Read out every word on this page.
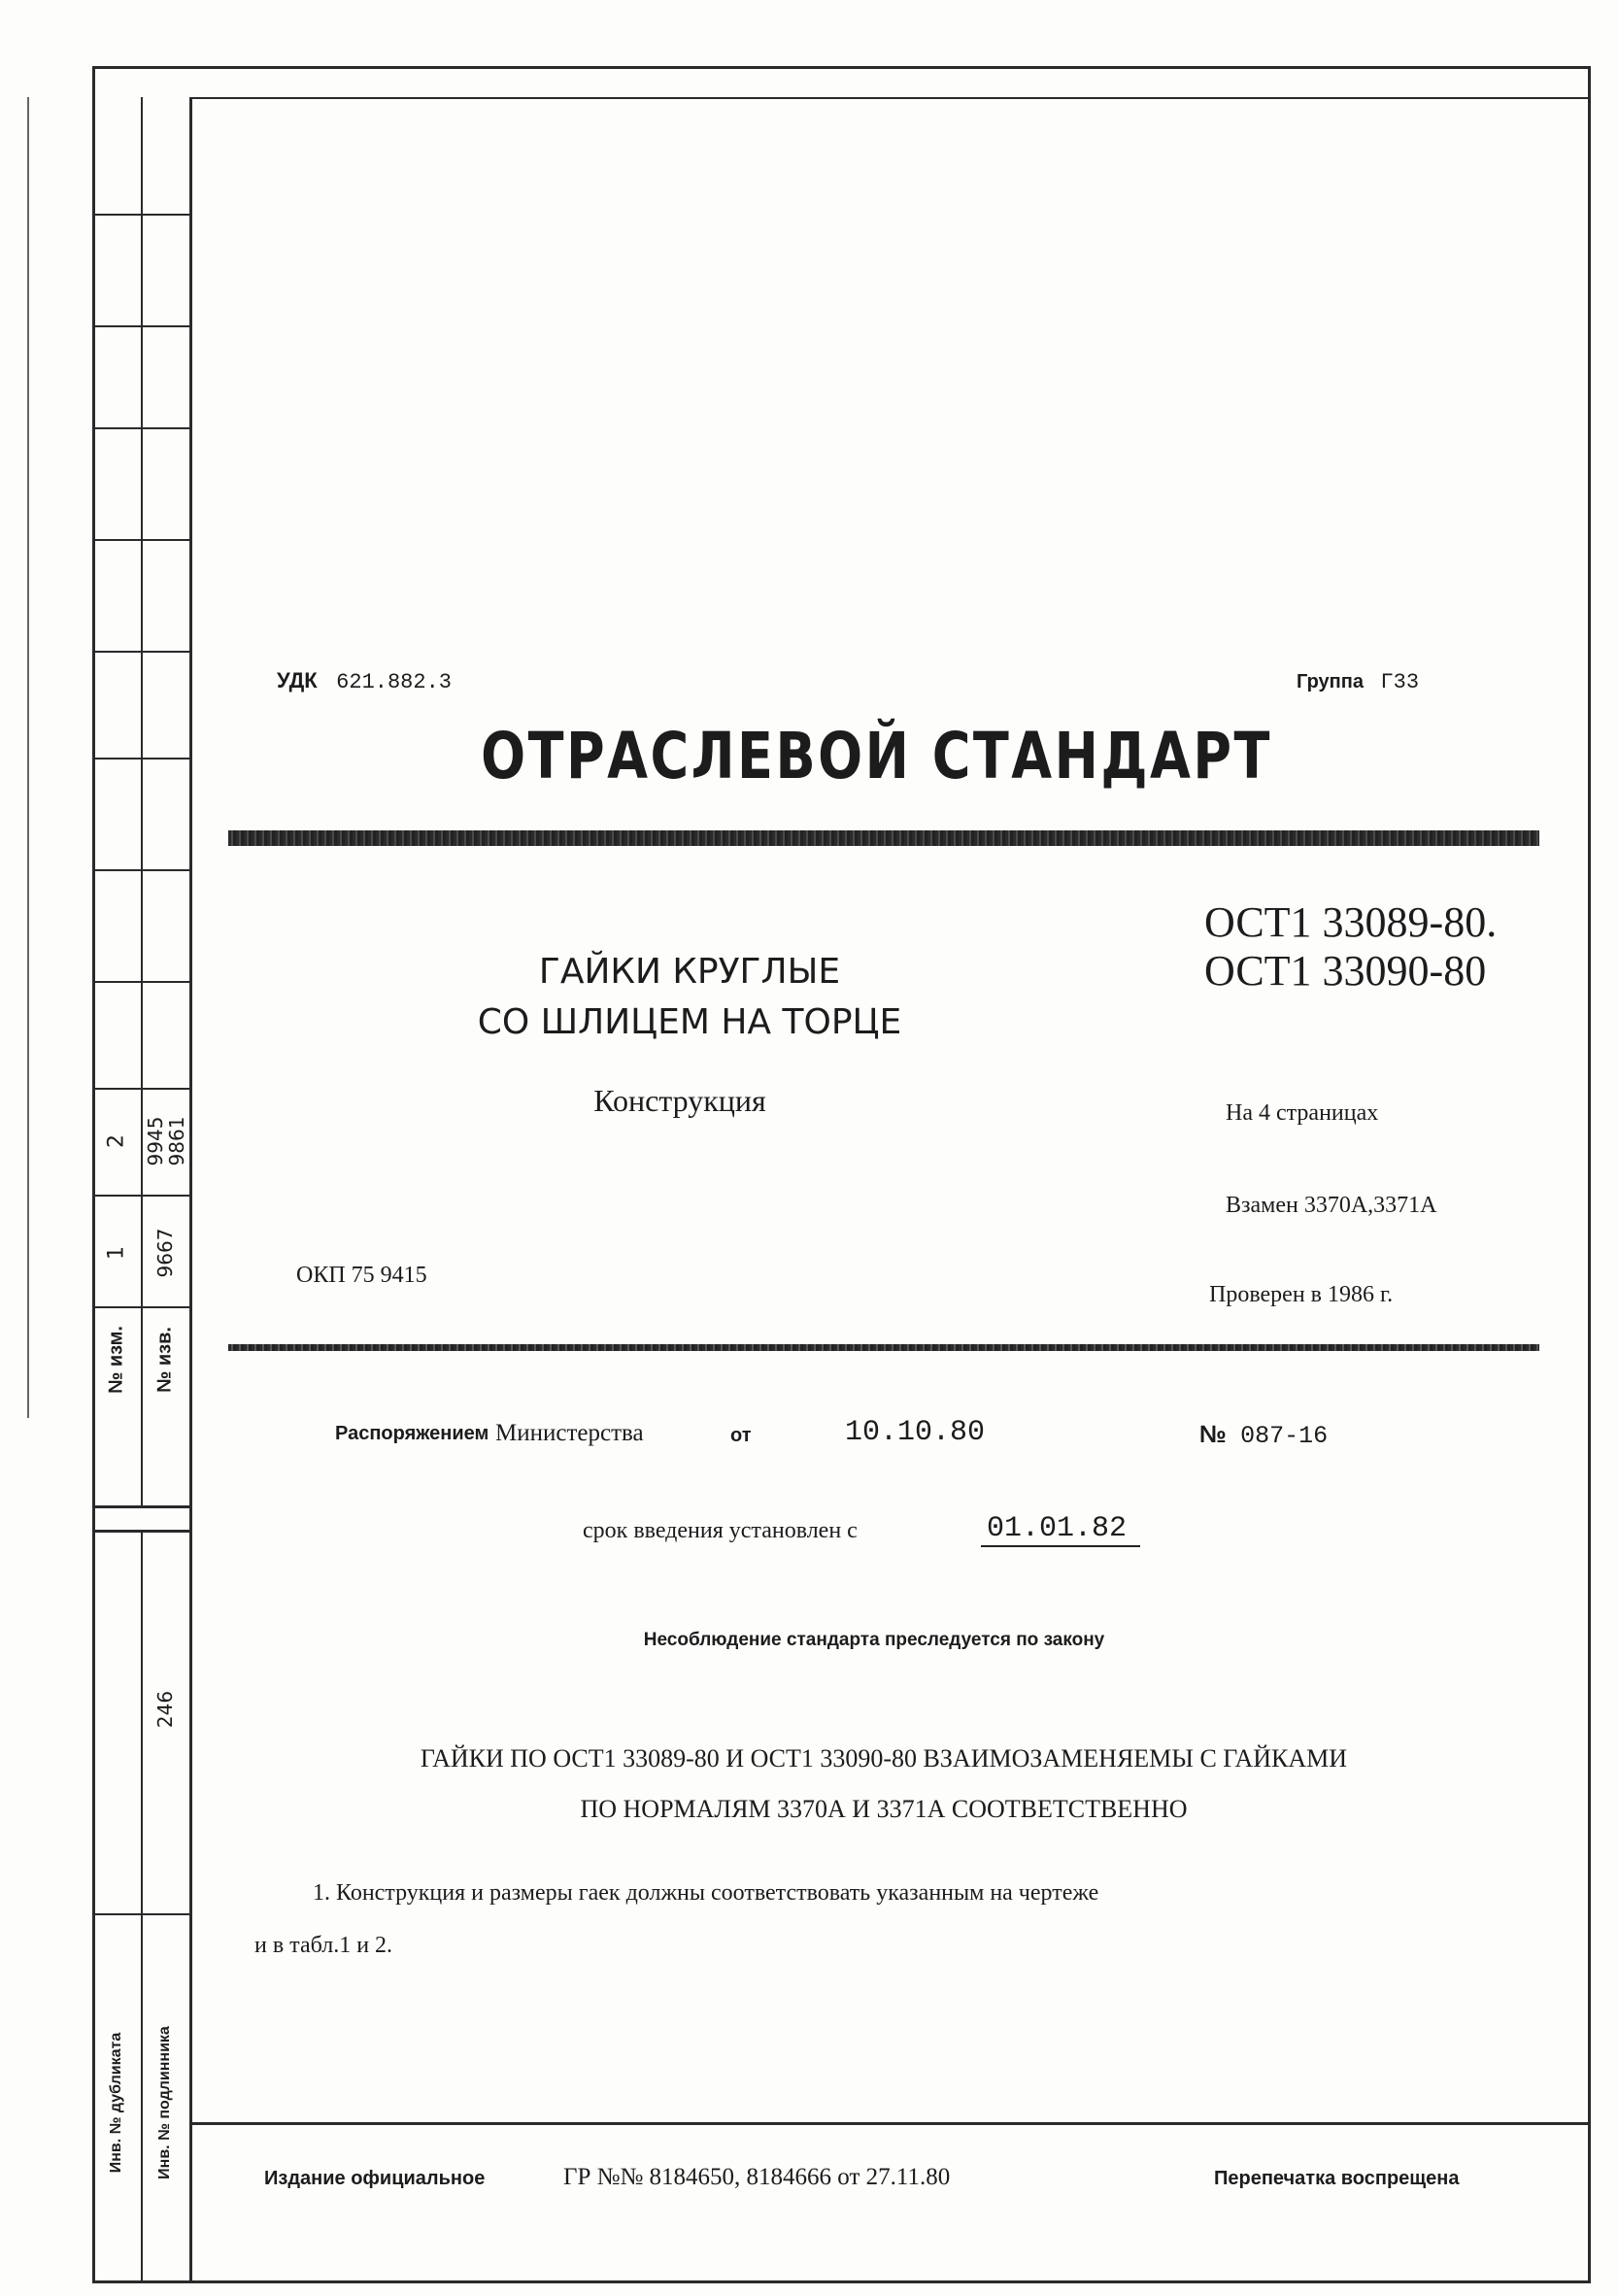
№ изм. № изв.
1 9667
2 9945
9861
246
Инв. № дубликата Инв. № подлинника
УДК 621.882.3	Группа Г33
ОТРАСЛЕВОЙ СТАНДАРТ
ГАЙКИ КРУГЛЫЕ
СО ШЛИЦЕМ НА ТОРЦЕ
Конструкция
ОСТ1 33089-80.
ОСТ1 33090-80
На 4 страницах
Взамен 3370А,3371А
Проверен в 1986 г.
ОКП 75 9415
Распоряжением Министерства	от	10.10.80	№ 087-16
срок введения установлен с	01.01.82
Несоблюдение стандарта преследуется по закону
ГАЙКИ ПО ОСТ1 33089-80 И ОСТ1 33090-80 ВЗАИМОЗАМЕНЯЕМЫ С ГАЙКАМИ
ПО НОРМАЛЯМ 3370А И 3371А СООТВЕТСТВЕННО
1. Конструкция и размеры гаек должны соответствовать указанным на чертеже
и в табл.1 и 2.
Издание официальное	ГР №№ 8184650, 8184666 от 27.11.80	Перепечатка воспрещена
